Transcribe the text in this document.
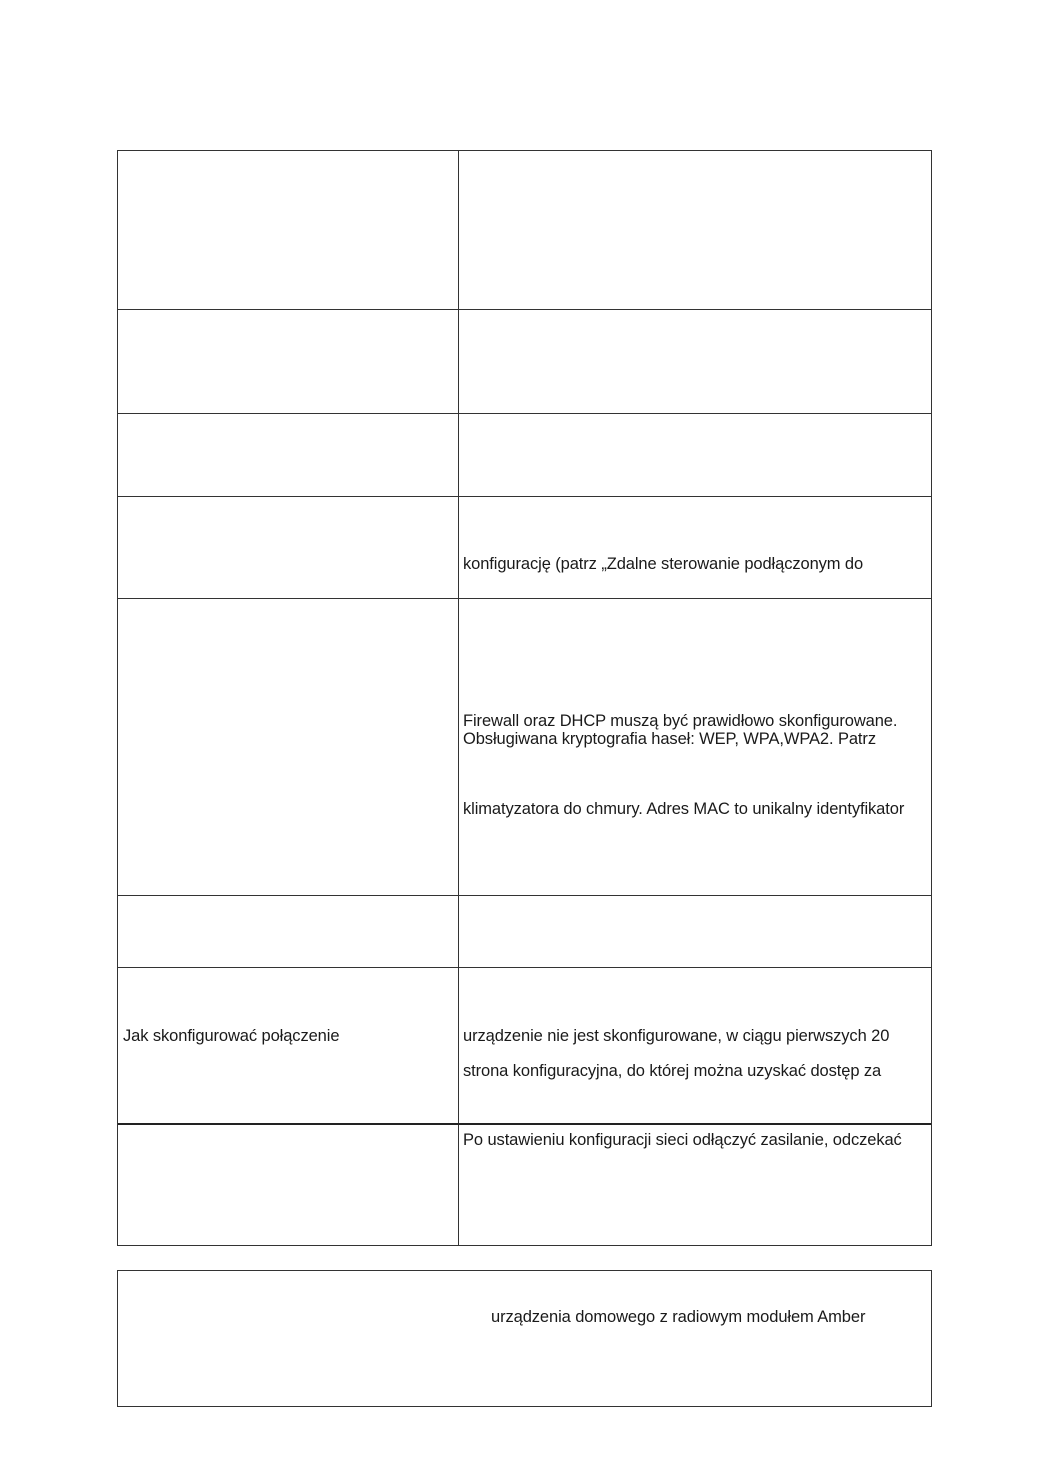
konfigurację (patrz „Zdalne sterowanie podłączonym do
Firewall oraz DHCP muszą być prawidłowo skonfigurowane.
Obsługiwana kryptografia haseł: WEP, WPA,WPA2. Patrz
klimatyzatora do chmury. Adres MAC to unikalny identyfikator
Jak skonfigurować połączenie	urządzenie nie jest skonfigurowane, w ciągu pierwszych 20
strona konfiguracyjna, do której można uzyskać dostęp za
Po ustawieniu konfiguracji sieci odłączyć zasilanie, odczekać
urządzenia domowego z radiowym modułem Amber
